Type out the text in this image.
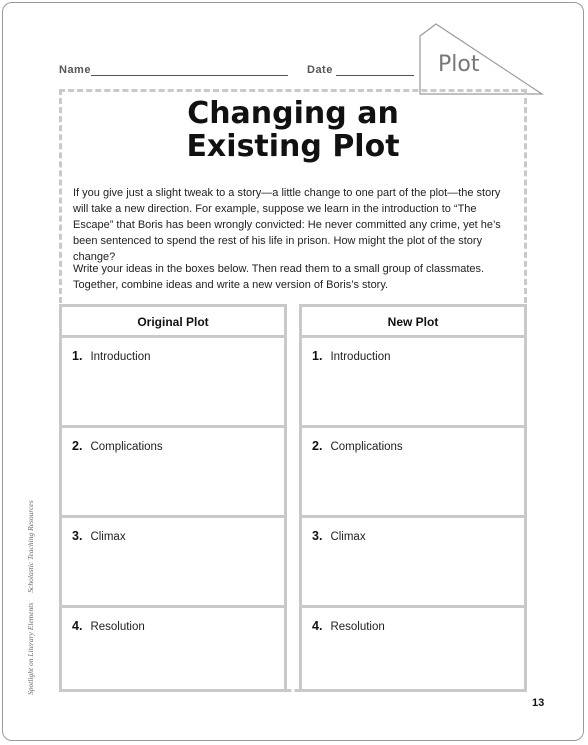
Name	Date	Plot
Changing an
Existing Plot
If you give just a slight tweak to a story—a little change to one part of the plot—the story will take a new direction. For example, suppose we learn in the introduction to “The Escape” that Boris has been wrongly convicted: He never committed any crime, yet he’s been sentenced to spend the rest of his life in prison. How might the plot of the story change?
Write your ideas in the boxes below. Then read them to a small group of classmates. Together, combine ideas and write a new version of Boris’s story.
Original Plot
1. Introduction
2. Complications
3. Climax
4. Resolution
New Plot
1. Introduction
2. Complications
3. Climax
4. Resolution
Spotlight on Literary ElementsScholastic Teaching Resources
13
